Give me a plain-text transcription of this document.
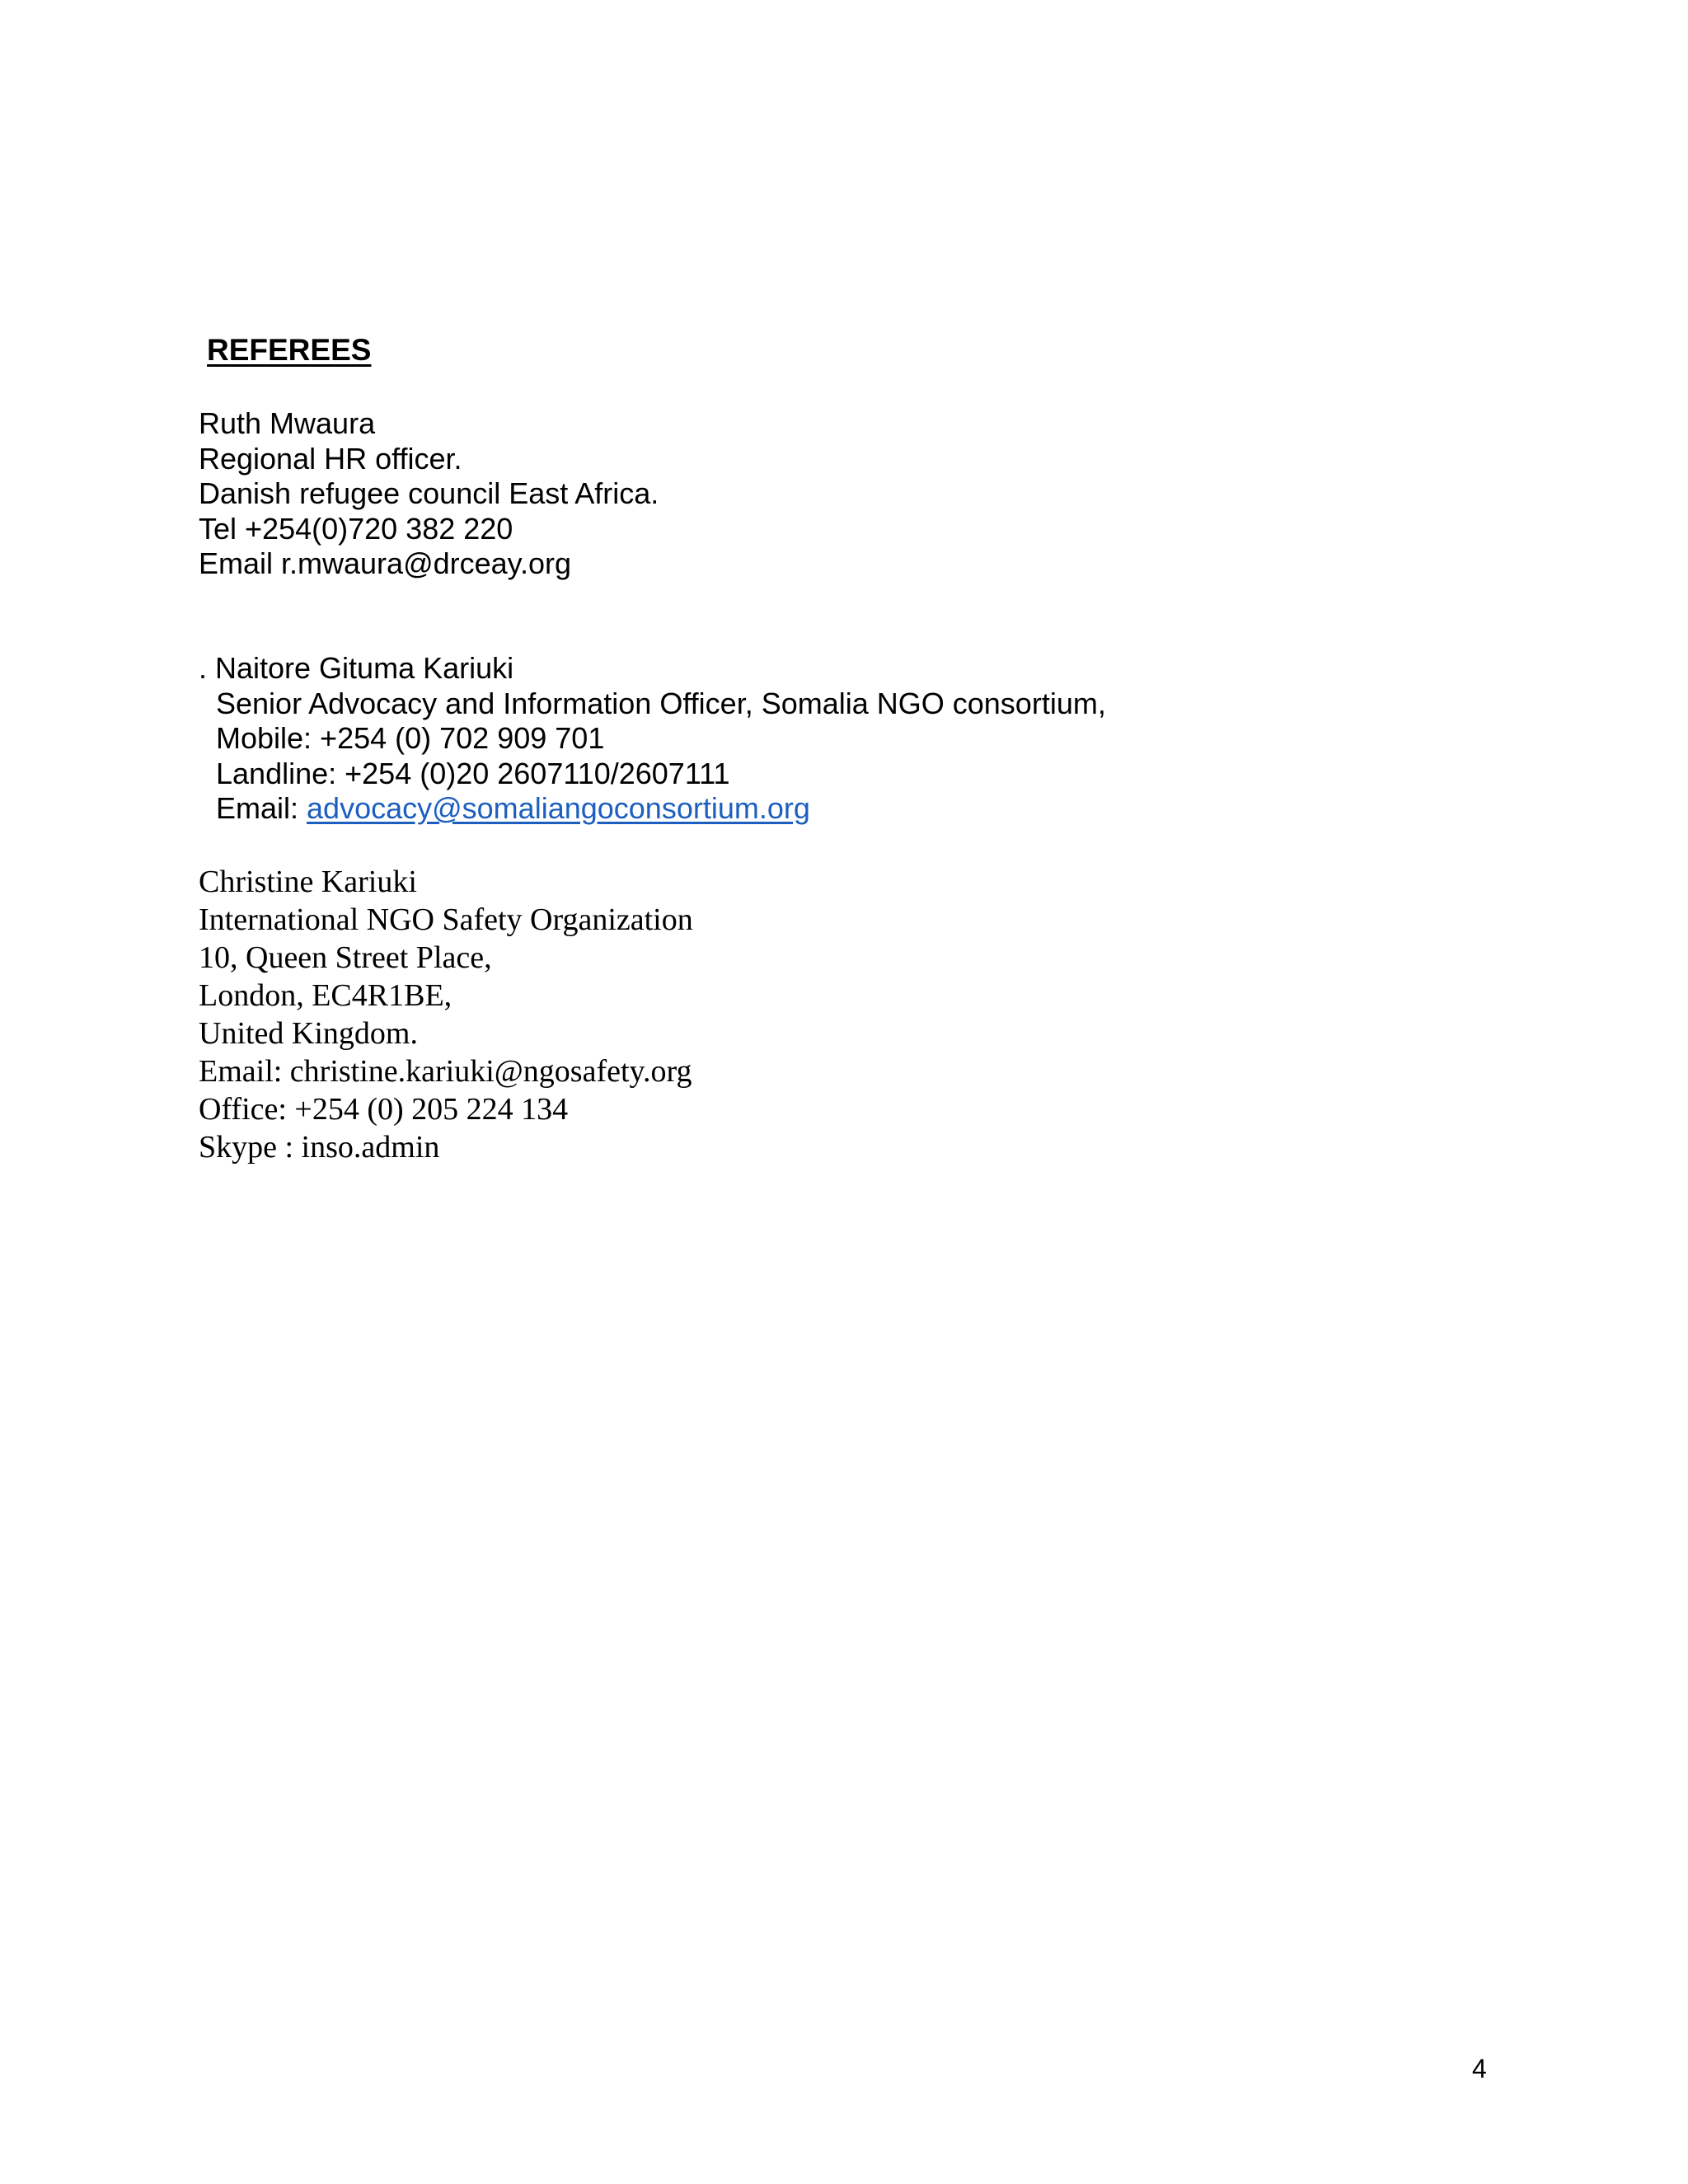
REFEREES
Ruth Mwaura
Regional HR officer.
Danish refugee council East Africa.
Tel +254(0)720 382 220
Email r.mwaura@drceay.org
. Naitore Gituma Kariuki
Senior Advocacy and Information Officer, Somalia NGO consortium,
Mobile: +254 (0) 702 909 701
Landline: +254 (0)20 2607110/2607111
Email: advocacy@somaliangoconsortium.org
Christine Kariuki
International NGO Safety Organization
10, Queen Street Place,
London, EC4R1BE,
United Kingdom.
Email: christine.kariuki@ngosafety.org
Office: +254 (0) 205 224 134
Skype : inso.admin
4
